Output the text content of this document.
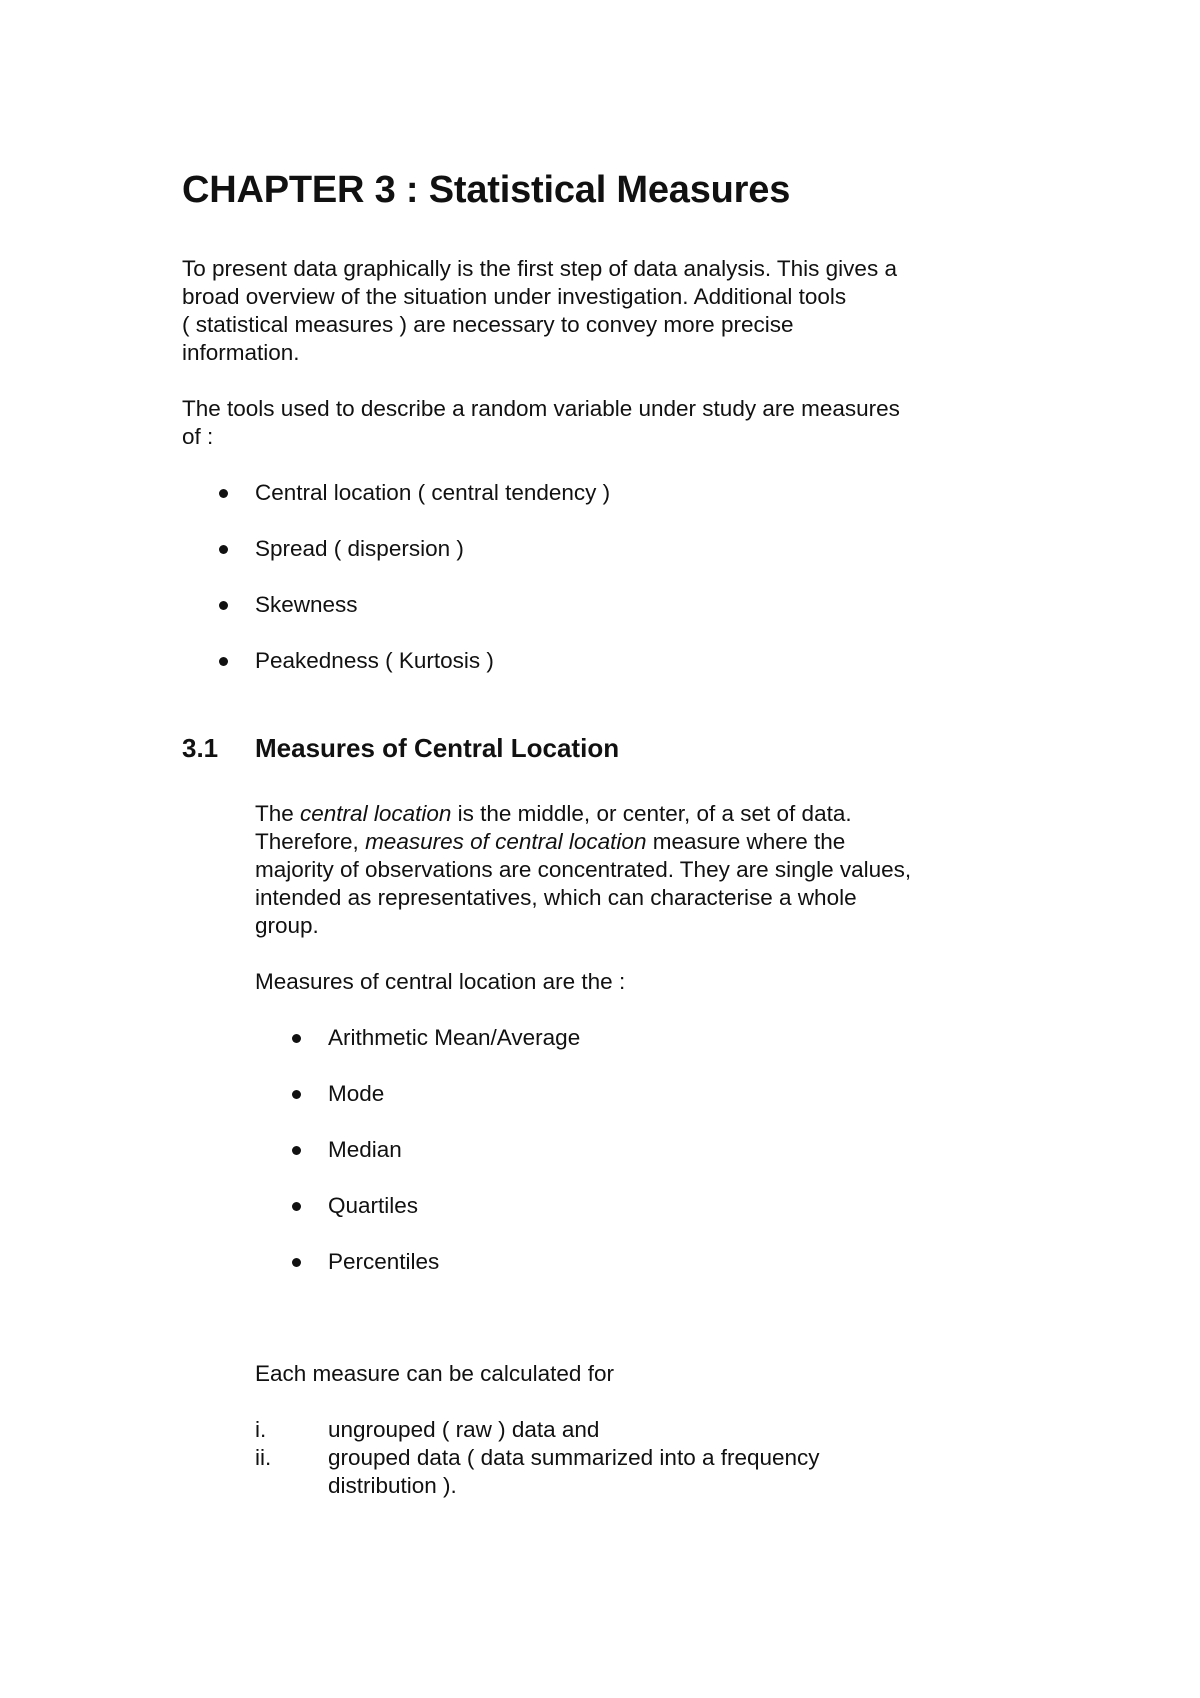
CHAPTER 3 : Statistical Measures

To present data graphically is the first step of data analysis. This gives a
broad overview of the situation under investigation. Additional tools
( statistical measures ) are necessary to convey more precise
information.

The tools used to describe a random variable under study are measures
of :

Central location ( central tendency )
Spread ( dispersion )
Skewness
Peakedness ( Kurtosis )
3.1 Measures of Central Location

The central location is the middle, or center, of a set of data.
Therefore, measures of central location measure where the
majority of observations are concentrated. They are single values,
intended as representatives, which can characterise a whole
group.

Measures of central location are the :

Arithmetic Mean/Average
Mode
Median
Quartiles
Percentiles

Each measure can be calculated for

i.	ungrouped ( raw ) data and
ii.	grouped data ( data summarized into a frequency
distribution ).
